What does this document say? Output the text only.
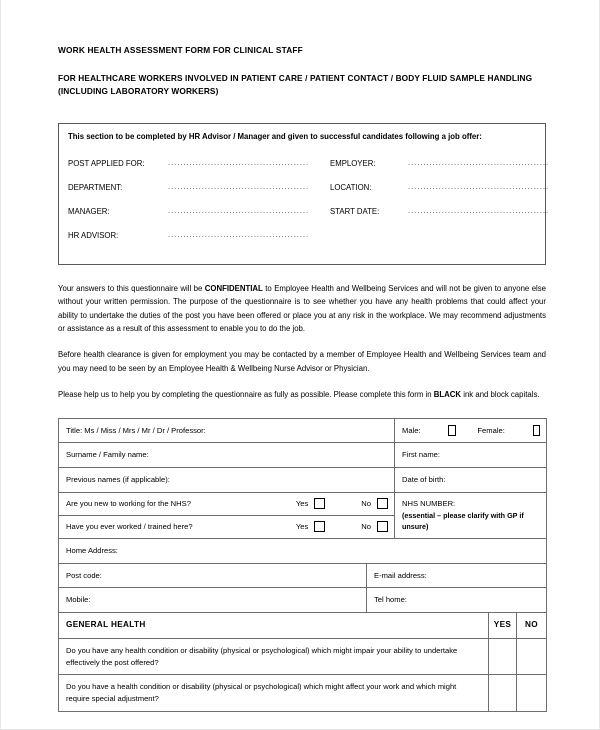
WORK HEALTH ASSESSMENT FORM FOR CLINICAL STAFF
FOR HEALTHCARE WORKERS INVOLVED IN PATIENT CARE / PATIENT CONTACT / BODY FLUID SAMPLE HANDLING (INCLUDING LABORATORY WORKERS)
This section to be completed by HR Advisor / Manager and given to successful candidates following a job offer:
POST APPLIED FOR:	..............................................	EMPLOYER:	..............................................
DEPARTMENT:	..............................................	LOCATION:	..............................................
MANAGER:	..............................................	START DATE:	..............................................
HR ADVISOR:	..............................................

Your answers to this questionnaire will be CONFIDENTIAL to Employee Health and Wellbeing Services and will not be given to anyone else without your written permission. The purpose of the questionnaire is to see whether you have any health problems that could affect your ability to undertake the duties of the post you have been offered or place you at any risk in the workplace. We may recommend adjustments or assistance as a result of this assessment to enable you to do the job.

Before health clearance is given for employment you may be contacted by a member of Employee Health and Wellbeing Services team and you may need to be seen by an Employee Health & Wellbeing Nurse Advisor or Physician.

Please help us to help you by completing the questionnaire as fully as possible. Please complete this form in BLACK ink and block capitals.

Title: Ms / Miss / Mrs / Mr / Dr / Professor:		Male: Female:		

Surname / Family name:		First name:		
Previous names (if applicable):		Date of birth:		

Are you new to working for the NHS? Yes No		NHS NUMBER:
(essential – please clarify with GP if unsure)		

Have you ever worked / trained here? Yes No				

Home Address:				
Post code:	E-mail address:			
Mobile:	Tel home:			
GENERAL HEALTH			YES	NO
Do you have any health condition or disability (physical or psychological) which might impair your ability to undertake effectively the post offered?				
Do you have a health condition or disability (physical or psychological) which might affect your work and which might require special adjustment?				
